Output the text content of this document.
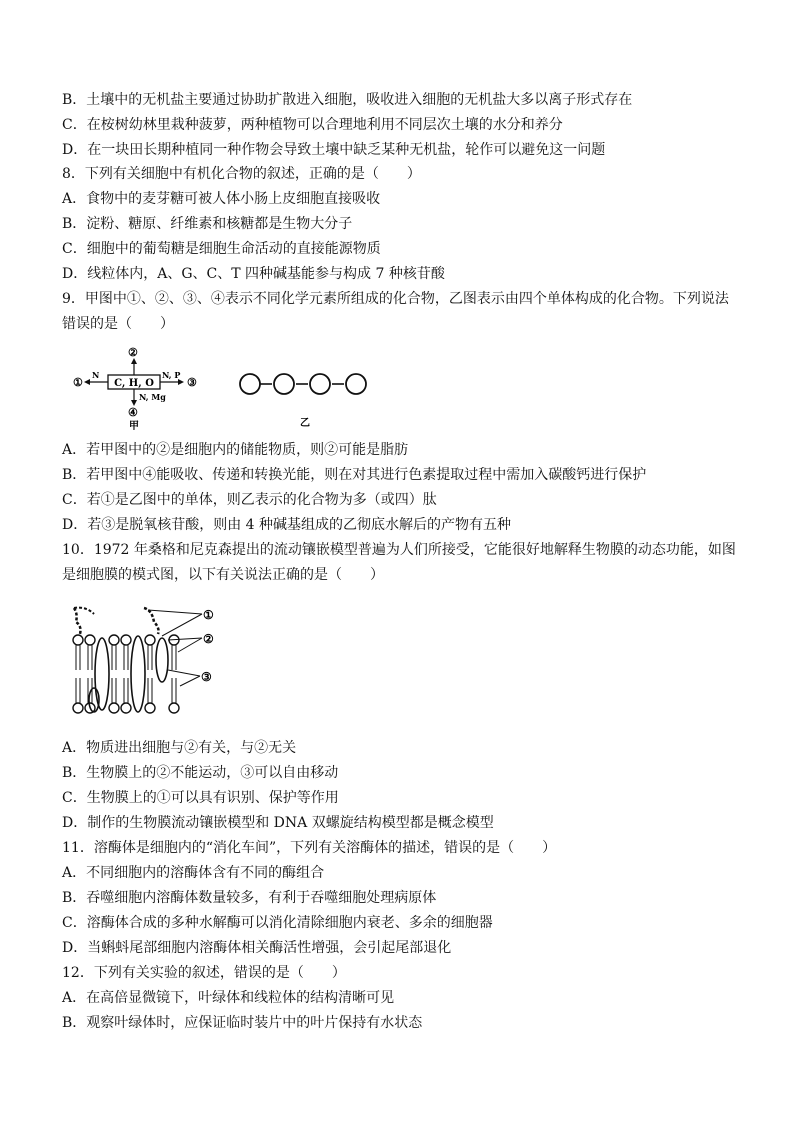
B．土壤中的无机盐主要通过协助扩散进入细胞，吸收进入细胞的无机盐大多以离子形式存在
C．在桉树幼林里栽种菠萝，两种植物可以合理地利用不同层次土壤的水分和养分
D．在一块田长期种植同一种作物会导致土壤中缺乏某种无机盐，轮作可以避免这一问题
8．下列有关细胞中有机化合物的叙述，正确的是（　　）
A．食物中的麦芽糖可被人体小肠上皮细胞直接吸收
B．淀粉、糖原、纤维素和核糖都是生物大分子
C．细胞中的葡萄糖是细胞生命活动的直接能源物质
D．线粒体内，A、G、C、T 四种碱基能参与构成 7 种核苷酸
9．甲图中①、②、③、④表示不同化学元素所组成的化合物，乙图表示由四个单体构成的化合物。下列说法
错误的是（　　）
C, H, O
N
①
②
N, P
③
N, Mg
④
甲	乙
A．若甲图中的②是细胞内的储能物质，则②可能是脂肪
B．若甲图中④能吸收、传递和转换光能，则在对其进行色素提取过程中需加入碳酸钙进行保护
C．若①是乙图中的单体，则乙表示的化合物为多（或四）肽
D．若③是脱氧核苷酸，则由 4 种碱基组成的乙彻底水解后的产物有五种
10．1972 年桑格和尼克森提出的流动镶嵌模型普遍为人们所接受，它能很好地解释生物膜的动态功能，如图
是细胞膜的模式图，以下有关说法正确的是（　　）
①
②
③
A．物质进出细胞与②有关，与②无关
B．生物膜上的②不能运动，③可以自由移动
C．生物膜上的①可以具有识别、保护等作用
D．制作的生物膜流动镶嵌模型和 DNA 双螺旋结构模型都是概念模型
11．溶酶体是细胞内的“消化车间”，下列有关溶酶体的描述，错误的是（　　）
A．不同细胞内的溶酶体含有不同的酶组合
B．吞噬细胞内溶酶体数量较多，有利于吞噬细胞处理病原体
C．溶酶体合成的多种水解酶可以消化清除细胞内衰老、多余的细胞器
D．当蝌蚪尾部细胞内溶酶体相关酶活性增强，会引起尾部退化
12．下列有关实验的叙述，错误的是（　　）
A．在高倍显微镜下，叶绿体和线粒体的结构清晰可见
B．观察叶绿体时，应保证临时装片中的叶片保持有水状态
